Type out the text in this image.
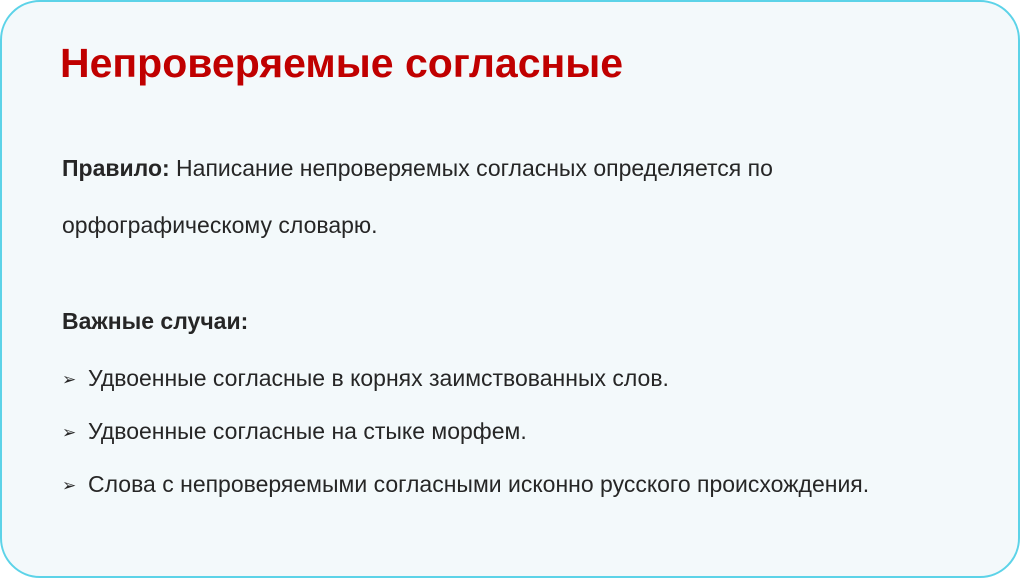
Непроверяемые согласные

Правило: Написание непроверяемых согласных определяется по орфографическому словарю.

Важные случаи:
➢ Удвоенные согласные в корнях заимствованных слов.
➢ Удвоенные согласные на стыке морфем.
➢ Слова с непроверяемыми согласными исконно русского происхождения.
